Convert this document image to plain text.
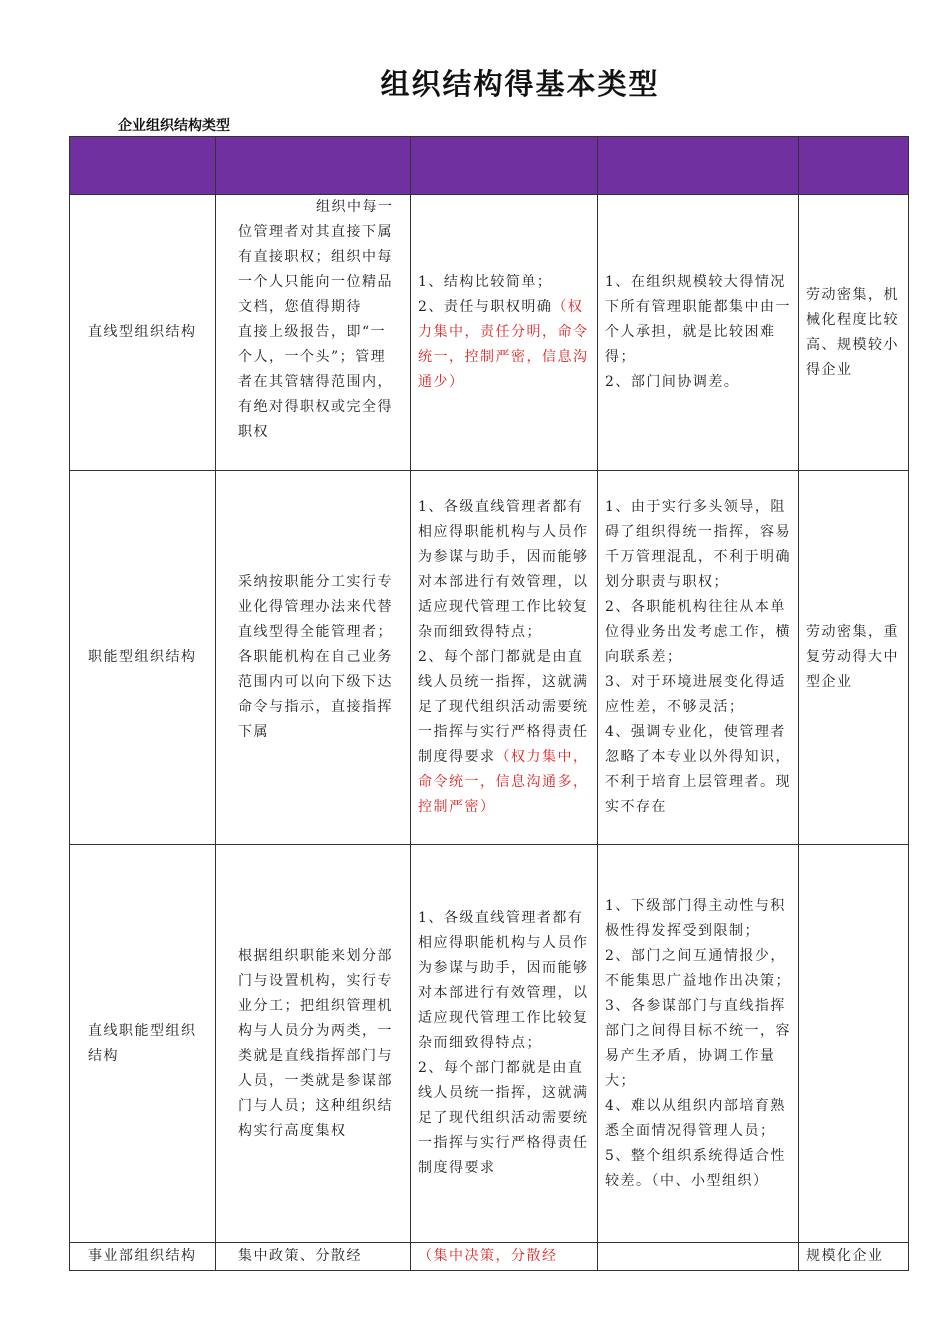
组织结构得基本类型
企业组织结构类型

直线型组织结构	组织中每一
位管理者对其直接下属有直接职权；组织中每一个人只能向一位精品文档，您值得期待
直接上级报告，即“一个人，一个头”；管理者在其管辖得范围内，有绝对得职权或完全得职权	1、结构比较简单；
2、责任与职权明确（权力集中，责任分明，命令统一，控制严密，信息沟通少）	1、在组织规模较大得情况下所有管理职能都集中由一个人承担，就是比较困难得；
2、部门间协调差。	劳动密集，机械化程度比较高、规模较小得企业
职能型组织结构	采纳按职能分工实行专业化得管理办法来代替直线型得全能管理者；各职能机构在自己业务范围内可以向下级下达命令与指示，直接指挥下属	1、各级直线管理者都有相应得职能机构与人员作为参谋与助手，因而能够对本部进行有效管理，以适应现代管理工作比较复杂而细致得特点；
2、每个部门都就是由直线人员统一指挥，这就满足了现代组织活动需要统一指挥与实行严格得责任制度得要求（权力集中，命令统一，信息沟通多，控制严密）	1、由于实行多头领导，阻碍了组织得统一指挥，容易千万管理混乱，不利于明确划分职责与职权；
2、各职能机构往往从本单位得业务出发考虑工作，横向联系差；
3、对于环境进展变化得适应性差，不够灵活；
4、强调专业化，使管理者忽略了本专业以外得知识，不利于培育上层管理者。现实不存在	劳动密集，重复劳动得大中型企业
直线职能型组织结构	根据组织职能来划分部门与设置机构，实行专业分工；把组织管理机构与人员分为两类，一类就是直线指挥部门与人员，一类就是参谋部门与人员；这种组织结构实行高度集权	1、各级直线管理者都有相应得职能机构与人员作为参谋与助手，因而能够对本部进行有效管理，以适应现代管理工作比较复杂而细致得特点；
2、每个部门都就是由直线人员统一指挥，这就满足了现代组织活动需要统一指挥与实行严格得责任制度得要求	1、下级部门得主动性与积极性得发挥受到限制；
2、部门之间互通情报少，不能集思广益地作出决策；3、各参谋部门与直线指挥部门之间得目标不统一，容易产生矛盾，协调工作量大；
4、难以从组织内部培育熟悉全面情况得管理人员；
5、整个组织系统得适合性较差。（中、小型组织）	
事业部组织结构	集中政策、分散经	（集中决策，分散经		规模化企业
